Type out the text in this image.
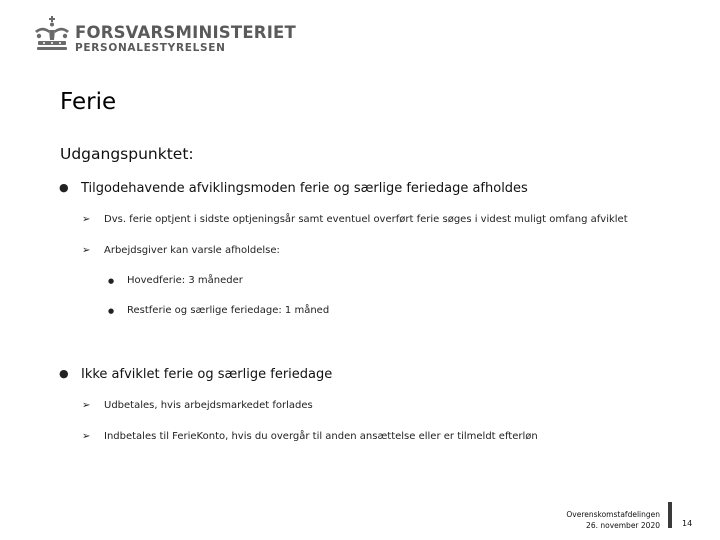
FORSVARSMINISTERIET
PERSONALESTYRELSEN
Ferie
Udgangspunktet:
● Tilgodehavende afviklingsmoden ferie og særlige feriedage afholdes
➢ Dvs. ferie optjent i sidste optjeningsår samt eventuel overført ferie søges i videst muligt omfang afviklet
➢ Arbejdsgiver kan varsle afholdelse:
● Hovedferie: 3 måneder
● Restferie og særlige feriedage: 1 måned
● Ikke afviklet ferie og særlige feriedage
➢ Udbetales, hvis arbejdsmarkedet forlades
➢ Indbetales til FerieKonto, hvis du overgår til anden ansættelse eller er tilmeldt efterløn
Overenskomstafdelingen
26. november 2020	14
